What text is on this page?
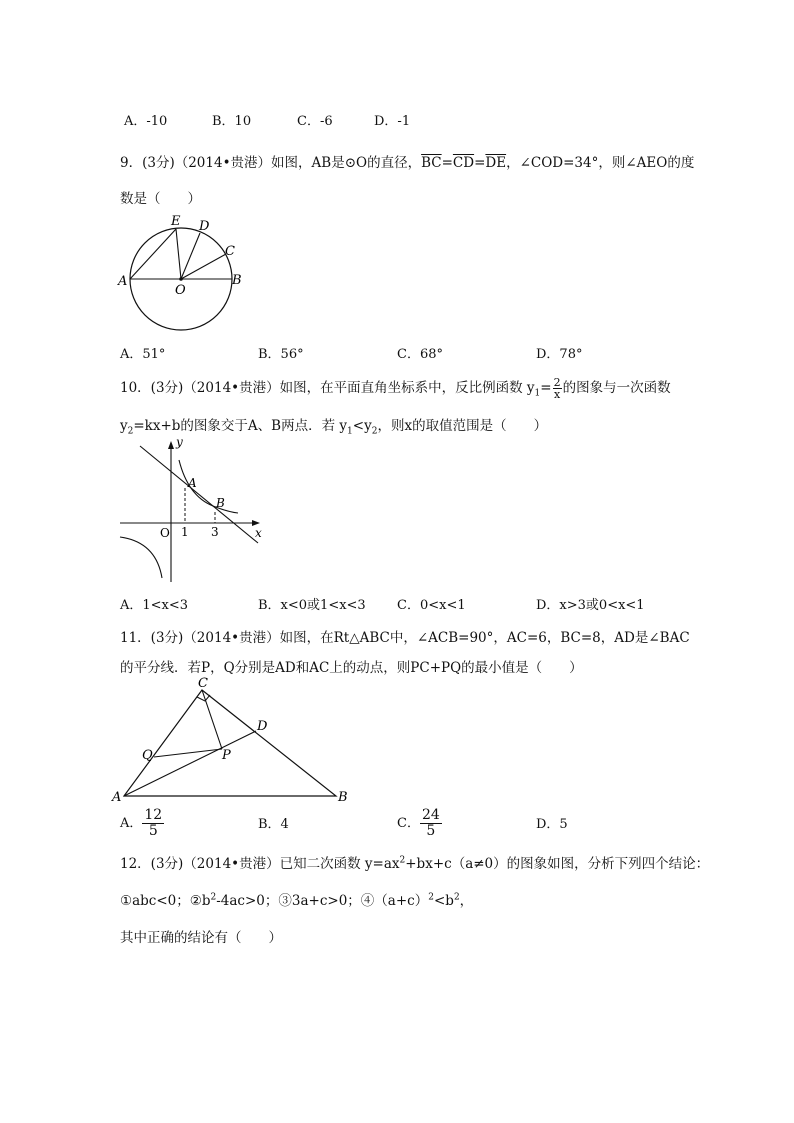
A．-10	B．10	C．-6	D．-1
9．(3分)（2014•贵港）如图，AB是⊙O的直径，$\overline{BC}=\overline{CD}=\overline{DE}$，∠COD=34°，则∠AEO的度
数是（　　）
A	B
C
D
E
O
A．51°	B．56°	C．68°	D．78°
10．(3分)（2014•贵港）如图，在平面直角坐标系中，反比例函数 $y_1= \frac{2}{x}$ 的图象与一次函数
$y_2=kx+b$的图象交于A、B两点．若 $y_1<y_2$，则x的取值范围是（　　）
y
x
O 1 3
A
B
A．1<x<3	B．x<0或1<x<3 C．0<x<1	D．x>3或0<x<1
11．(3分)（2014•贵港）如图，在Rt△ABC中，∠ACB=90°，AC=6，BC=8，AD是∠BAC
的平分线．若P，Q分别是AD和AC上的动点，则PC+PQ的最小值是（　　）
A	B
C
D
P
Q
A． $\frac{12}{5}$	B．4	C． $\frac{24}{5}$	D．5
12．(3分)（2014•贵港）已知二次函数 $y=ax^2+bx+c(a\ne 0)$的图象如图，分析下列四个结论：
①abc<0；$②b^2-4ac>0$；③3a+c>0；$④(a+c)^2<b^2$，
其中正确的结论有（　　）
